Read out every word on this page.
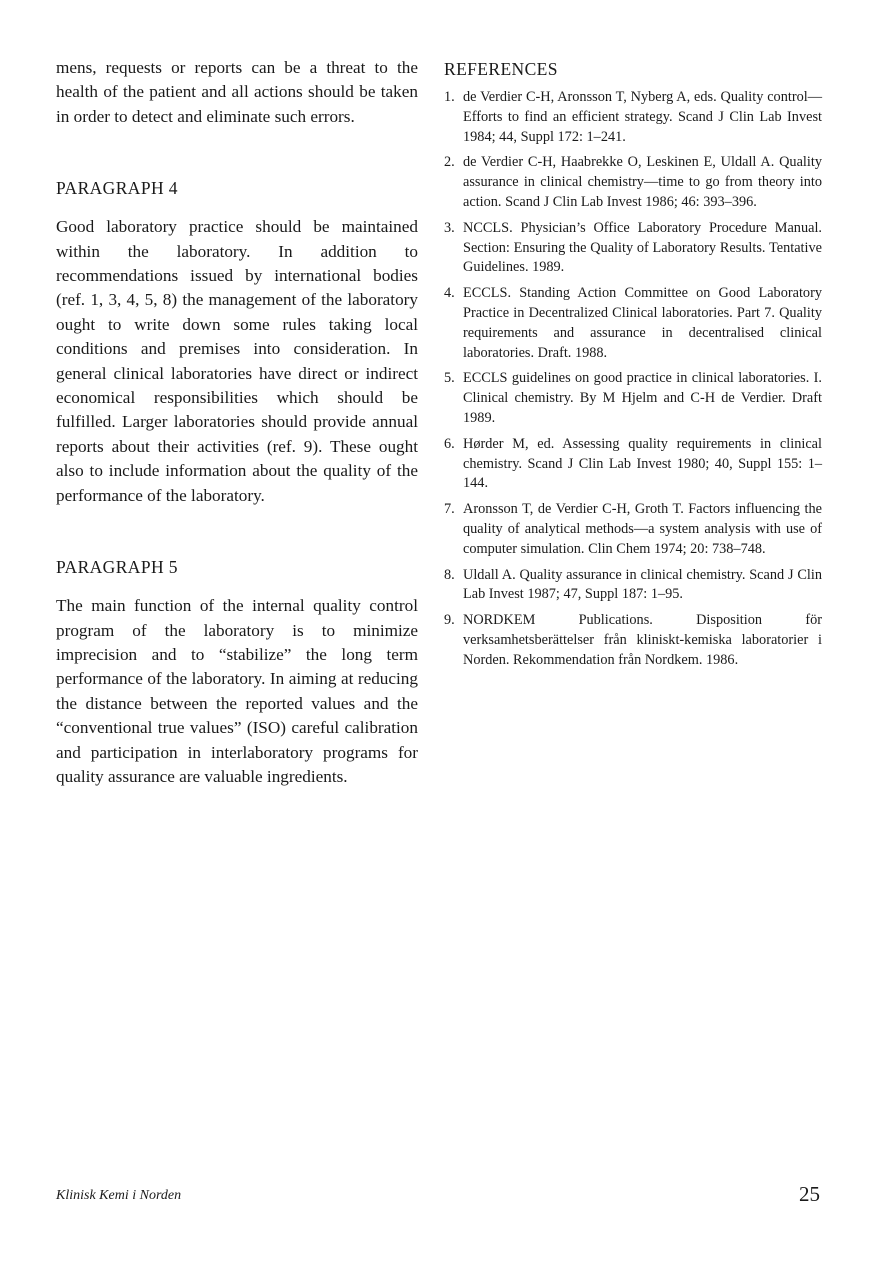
mens, requests or reports can be a threat to the health of the patient and all actions should be taken in order to detect and eliminate such errors.

PARAGRAPH 4

Good laboratory practice should be maintained within the laboratory. In addition to recommendations issued by international bodies (ref. 1, 3, 4, 5, 8) the management of the laboratory ought to write down some rules taking local conditions and premises into consideration. In general clinical laboratories have direct or indirect economical responsibilities which should be fulfilled. Larger laboratories should provide annual reports about their activities (ref. 9). These ought also to include information about the quality of the performance of the laboratory.

PARAGRAPH 5

The main function of the internal quality control program of the laboratory is to minimize imprecision and to “stabilize” the long term performance of the laboratory. In aiming at reducing the distance between the reported values and the “conventional true values” (ISO) careful calibration and participation in interlaboratory programs for quality assurance are valuable ingredients.

REFERENCES
1. de Verdier C-H, Aronsson T, Nyberg A, eds. Quality control—Efforts to find an efficient strategy. Scand J Clin Lab Invest 1984; 44, Suppl 172: 1–241.
2. de Verdier C-H, Haabrekke O, Leskinen E, Uldall A. Quality assurance in clinical chemistry—time to go from theory into action. Scand J Clin Lab Invest 1986; 46: 393–396.
3. NCCLS. Physician’s Office Laboratory Procedure Manual. Section: Ensuring the Quality of Laboratory Results. Tentative Guidelines. 1989.
4. ECCLS. Standing Action Committee on Good Laboratory Practice in Decentralized Clinical laboratories. Part 7. Quality requirements and assurance in decentralised clinical laboratories. Draft. 1988.
5. ECCLS guidelines on good practice in clinical laboratories. I. Clinical chemistry. By M Hjelm and C-H de Verdier. Draft 1989.
6. Hørder M, ed. Assessing quality requirements in clinical chemistry. Scand J Clin Lab Invest 1980; 40, Suppl 155: 1–144.
7. Aronsson T, de Verdier C-H, Groth T. Factors influencing the quality of analytical methods—a system analysis with use of computer simulation. Clin Chem 1974; 20: 738–748.
8. Uldall A. Quality assurance in clinical chemistry. Scand J Clin Lab Invest 1987; 47, Suppl 187: 1–95.
9. NORDKEM Publications. Disposition för verksamhetsberättelser från kliniskt-kemiska laboratorier i Norden. Rekommendation från Nordkem. 1986.
Klinisk Kemi i Norden	25
